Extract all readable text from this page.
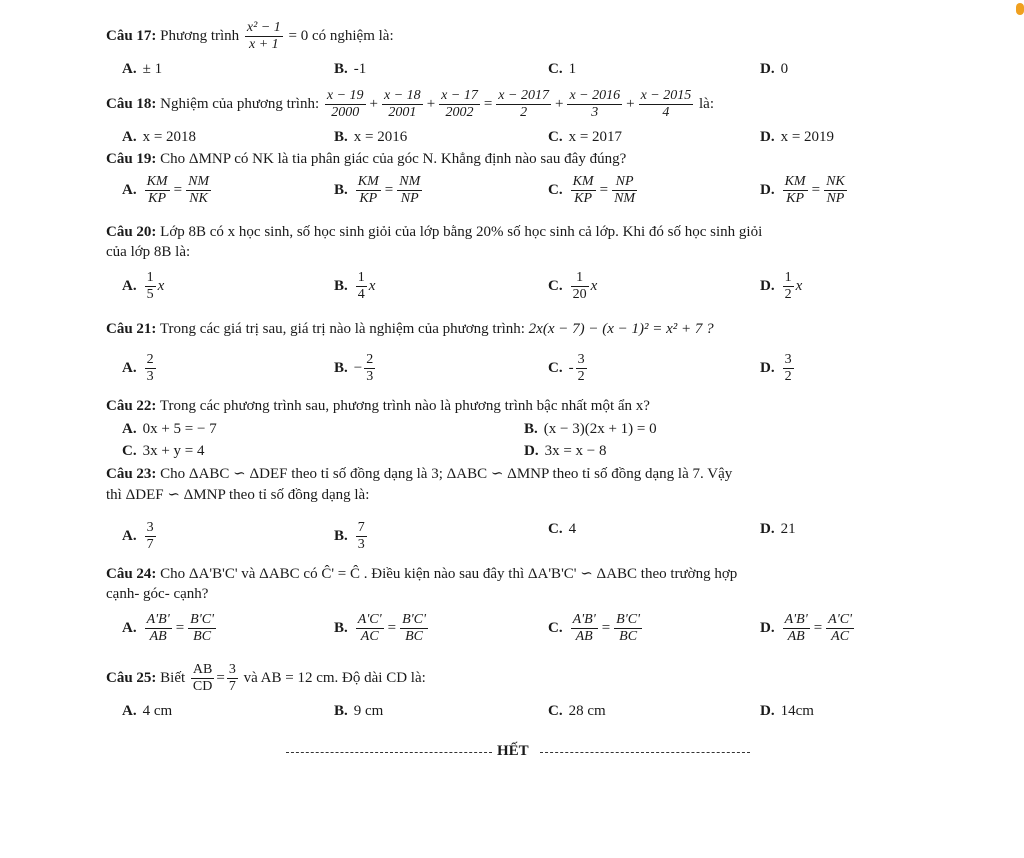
Câu 17: Phương trình $\frac{\text{x² − 1}}{x + 1} = 0$ có nghiệm là:
A. ± 1	B. -1	C. 1	D. 0
Câu 18: Nghiệm của phương trình: $\frac{x - 19}{2000} + \frac{x - 18}{2001} + \frac{x - 17}{2002} = \frac{x - 2017}{2} + \frac{x - 2016}{3} + \frac{x - 2015}{4}$ là:
A. x = 2018	B. x = 2016	C. x = 2017	D. x = 2019
Câu 19: Cho ΔMNP có NK là tia phân giác của góc N. Khẳng định nào sau đây đúng?
A. $\frac{KM}{KP} = \frac{NM}{NK}$	B. $\frac{KM}{KP} = \frac{NM}{NP}$	C. $\frac{KM}{KP} = \frac{NP}{NM}$	D. $\frac{KM}{KP} = \frac{NK}{NP}$
Câu 20: Lớp 8B có x học sinh, số học sinh giỏi của lớp bằng 20% số học sinh cả lớp. Khi đó số học sinh giỏi
của lớp 8B là:
A. $\frac{1}{5}$ x	B. $\frac{1}{4}$ x	C. $\frac{1}{20}$ x	D. $\frac{1}{2}$ x
Câu 21: Trong các giá trị sau, giá trị nào là nghiệm của phương trình: 2x(x − 7) − (x − 1)² = x² + 7 ?
A. $\frac{2}{3}$	B. − $\frac{2}{3}$	C. - $\frac{3}{2}$	D. $\frac{3}{2}$
Câu 22: Trong các phương trình sau, phương trình nào là phương trình bậc nhất một ẩn x?
A. 0x + 5 = − 7	B. (x − 3)(2x + 1) = 0
C. 3x + y = 4	D. 3x = x − 8
Câu 23: Cho ΔABC ∽ ΔDEF theo tỉ số đồng dạng là 3; ΔABC ∽ ΔMNP theo tỉ số đồng dạng là 7. Vậy
thì ΔDEF ∽ ΔMNP theo tỉ số đồng dạng là:
A. $\frac{3}{7}$	B. $\frac{7}{3}$	C. 4	D. 21
Câu 24: Cho ΔA'B'C' và ΔABC có Ĉ' = Ĉ . Điều kiện nào sau đây thì ΔA'B'C' ∽ ΔABC theo trường hợp
cạnh- góc- cạnh?
A. $\frac{A'B'}{AB} = \frac{B'C'}{BC}$	B. $\frac{A'C'}{AC} = \frac{B'C'}{BC}$	C. $\frac{A'B'}{AB} = \frac{B'C'}{BC}$	D. $\frac{A'B'}{AB} = \frac{A'C'}{AC}$
Câu 25: Biết $\frac{AB}{CD} = \frac{3}{7}$ và AB = 12 cm. Độ dài CD là:
A. 4 cm	B. 9 cm	C. 28 cm	D. 14cm
HẾT
